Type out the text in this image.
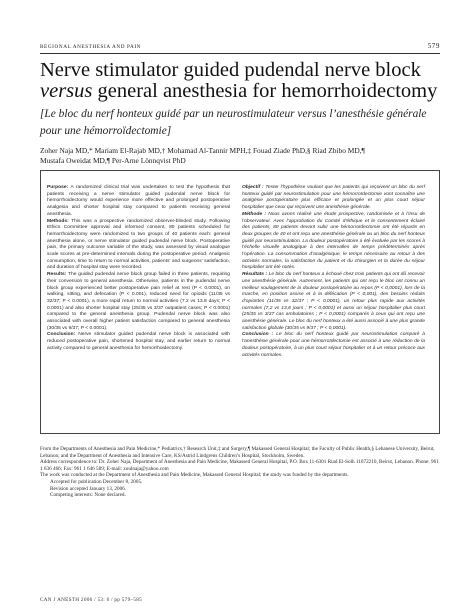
REGIONAL ANESTHESIA AND PAIN	579
Nerve stimulator guided pudendal nerve block
versus general anesthesia for hemorrhoidectomy

[Le bloc du nerf honteux guidé par un neurostimulateur versus l’anesthésie générale pour une hémorroïdectomie]

Zoher Naja MD,* Mariam El-Rajab MD,† Mohamad Al-Tannir MPH,‡ Fouad Ziade PhD,§ Riad Zbibo MD,¶
Mustafa Oweidat MD,¶ Per-Arne Lönnqvist PhD

Purpose: A randomized clinical trial was undertaken to test the hypothesis that patients receiving a nerve stimulator guided pudendal nerve block for hemorrhoidectomy would experience more effective and prolonged postoperative analgesia and shorter hospital stay compared to patients receiving general anesthesia.

Methods: This was a prospective randomized observer-blinded study. Following Ethics Committee approval and informed consent, 80 patients scheduled for hemorrhoidectomy were randomized to two groups of 40 patients each: general anesthesia alone, or nerve stimulator guided pudendal nerve block. Postoperative pain, the primary outcome variable of the study, was assessed by visual analogue scale scores at pre-determined intervals during the postoperative period. Analgesic consumption, time to return to normal activities, patients’ and surgeons’ satisfaction, and duration of hospital stay were recorded.

Results: The guided pudendal nerve block group failed in three patients, requiring their conversion to general anesthesia. Otherwise, patients in the pudendal nerve block group experienced better postoperative pain relief at rest (P < 0.0001), on walking, sitting, and defecation (P < 0.001), reduced need for opioids (11/35 vs 32/37; P < 0.0001), a more rapid return to normal activities (7.2 vs 13.8 days; P < 0.0001) and also shorter hospital stay (25/35 vs 3/37 outpatient cases; P < 0.0001) compared to the general anesthesia group. Pudendal nerve block was also associated with overall higher patient satisfaction compared to general anesthesia (30/35 vs 9/37; P < 0.0001).

Conclusion: Nerve stimulator guided pudendal nerve block is associated with reduced postoperative pain, shortened hospital stay, and earlier return to normal activity compared to general anesthesia for hemorrhoidectomy.

Objectif : Tester l’hypothèse voulant que les patients qui reçoivent un bloc du nerf honteux guidé par neurostimulation pour une hémorroïdectomie vont connaître une analgésie postopératoire plus efficace et prolongée et un plus court séjour hospitalier que ceux qui reçoivent une anesthésie générale.

Méthode : Nous avons réalisé une étude prospective, randomisée et à l’insu de l’observateur. Avec l’approbation du Comité d’éthique et le consentement éclairé des patients, 80 patients devant subir une hémorroïdectomie ont été répartis en deux groupes de 40 et ont reçu une anesthésie générale ou un bloc du nerf honteux guidé par neurostimulation. La douleur postopératoire a été évaluée par les scores à l’échelle visuelle analogique à des intervalles de temps prédéterminés après l’opération. La consommation d’analgésique, le temps nécessaire au retour à des activités normales, la satisfaction du patient et du chirurgien et la durée du séjour hospitalier ont été notés.

Résultats : Le bloc du nerf honteux a échoué chez trois patients qui ont dû recevoir une anesthésie générale. Autrement, les patients qui ont reçu le bloc ont connu un meilleur soulagement de la douleur postopératoire au repos (P < 0,0001), lors de la marche, en position assise et à la défécation (P < 0,001), des besoins réduits d’opioïdes (11/35 vs 32/37 ; P < 0,0001), un retour plus rapide aux activités normales (7,2 vs 13,8 jours ; P < 0,0001) et aussi un séjour hospitalier plus court (25/35 vs 3/37 cas ambulatoires ; P < 0,0001) comparés à ceux qui ont reçu une anesthésie générale. Le bloc du nerf honteux a été aussi associé à une plus grande satisfaction globale (30/35 vs 9/37 ; P < 0,0001).

Conclusion : Le bloc du nerf honteux guidé par neurostimulation comparé à l’anesthésie générale pour une hémorroïdectomie est associé à une réduction de la douleur postopératoire, à un plus court séjour hospitalier et à un retour précoce aux activités normales.

From the Departments of Anesthesia and Pain Medicine,* Pediatrics,† Research Unit,‡ and Surgery,¶ Makassed General Hospital; the Faculty of Public Health,§ Lebanese University, Beirut, Lebanon; and the Department of Anesthesia and Intensive Care, KS/Astrid Lindgrens Children’s Hospital, Stockholm, Sweden.

Address correspondence to: Dr. Zoher Naja, Department of Anesthesia and Pain Medicine, Makassed General Hospital, P.O. Box 11-6301 Riad El-Solh 11072210, Beirut, Lebanon. Phone: 961 1 636 466; Fax: 961 1 646 589; E-mail: zoulnaja@yahoo.com

The work was conducted at the Department of Anesthesia and Pain Medicine, Makassed General Hospital; the study was funded by the departments.

Accepted for publication December 8, 2005.

Revision accepted January 13, 2006.

Competing interests: None declared.

CAN J ANESTH 2006 / 53: 6 / pp 579–585
